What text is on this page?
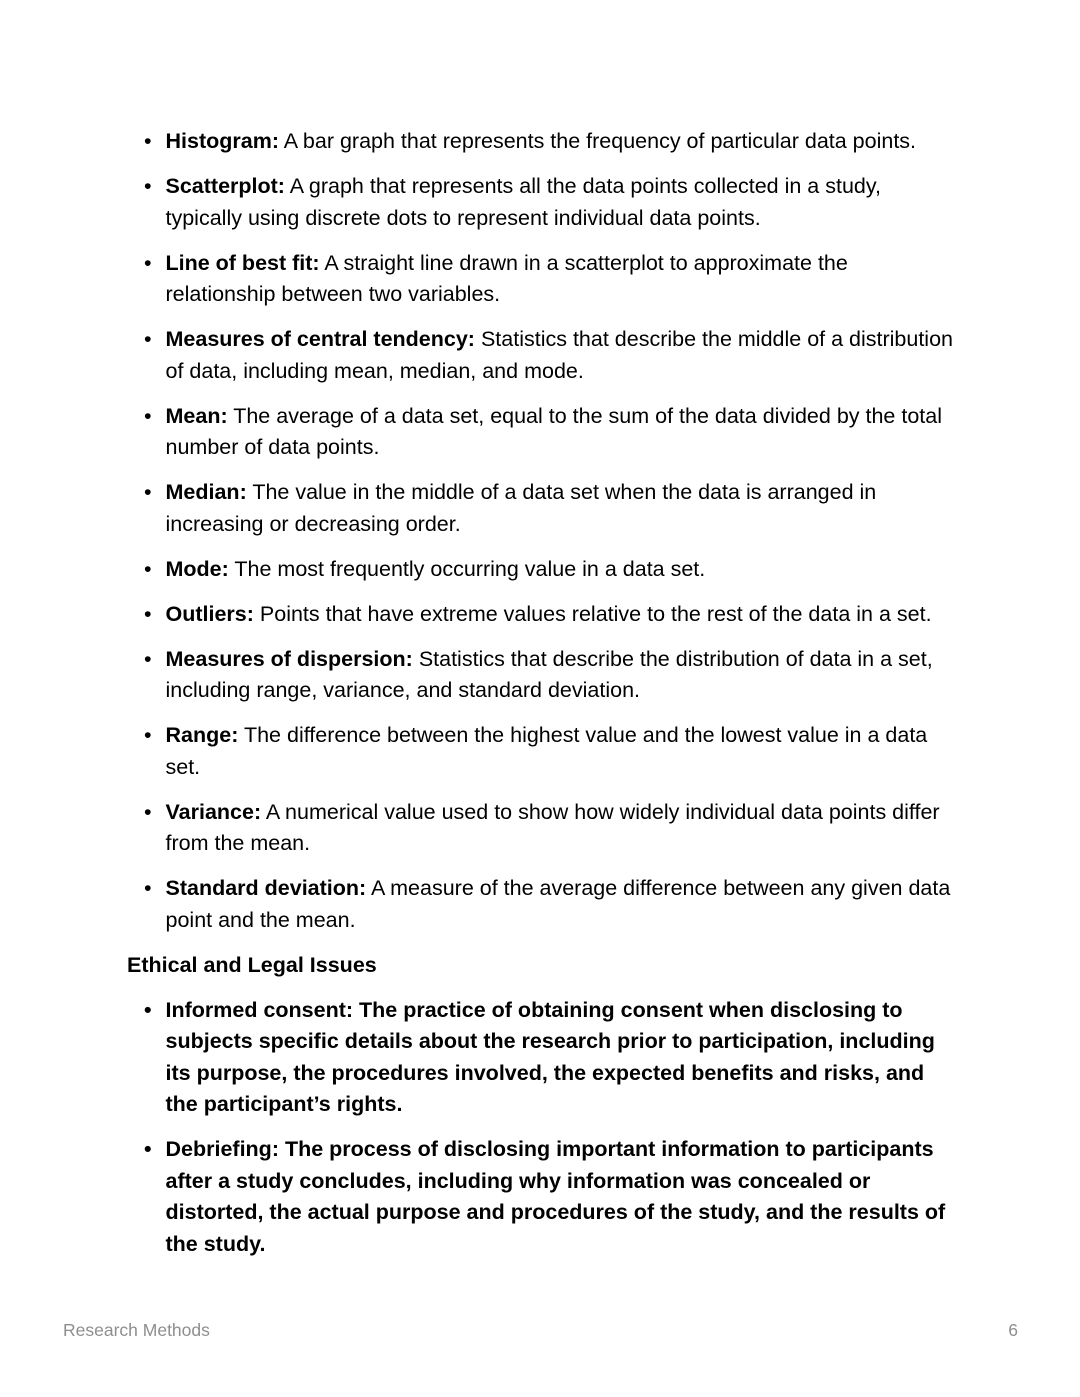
• Histogram: A bar graph that represents the frequency of particular data points.
• Scatterplot: A graph that represents all the data points collected in a study, typically using discrete dots to represent individual data points.
• Line of best fit: A straight line drawn in a scatterplot to approximate the relationship between two variables.
• Measures of central tendency: Statistics that describe the middle of a distribution of data, including mean, median, and mode.
• Mean: The average of a data set, equal to the sum of the data divided by the total number of data points.
• Median: The value in the middle of a data set when the data is arranged in increasing or decreasing order.
• Mode: The most frequently occurring value in a data set.
• Outliers: Points that have extreme values relative to the rest of the data in a set.
• Measures of dispersion: Statistics that describe the distribution of data in a set, including range, variance, and standard deviation.
• Range: The difference between the highest value and the lowest value in a data set.
• Variance: A numerical value used to show how widely individual data points differ from the mean.
• Standard deviation: A measure of the average difference between any given data point and the mean.
Ethical and Legal Issues
• Informed consent: The practice of obtaining consent when disclosing to subjects specific details about the research prior to participation, including its purpose, the procedures involved, the expected benefits and risks, and the participant’s rights.
• Debriefing: The process of disclosing important information to participants after a study concludes, including why information was concealed or distorted, the actual purpose and procedures of the study, and the results of the study.
Research Methods	6
